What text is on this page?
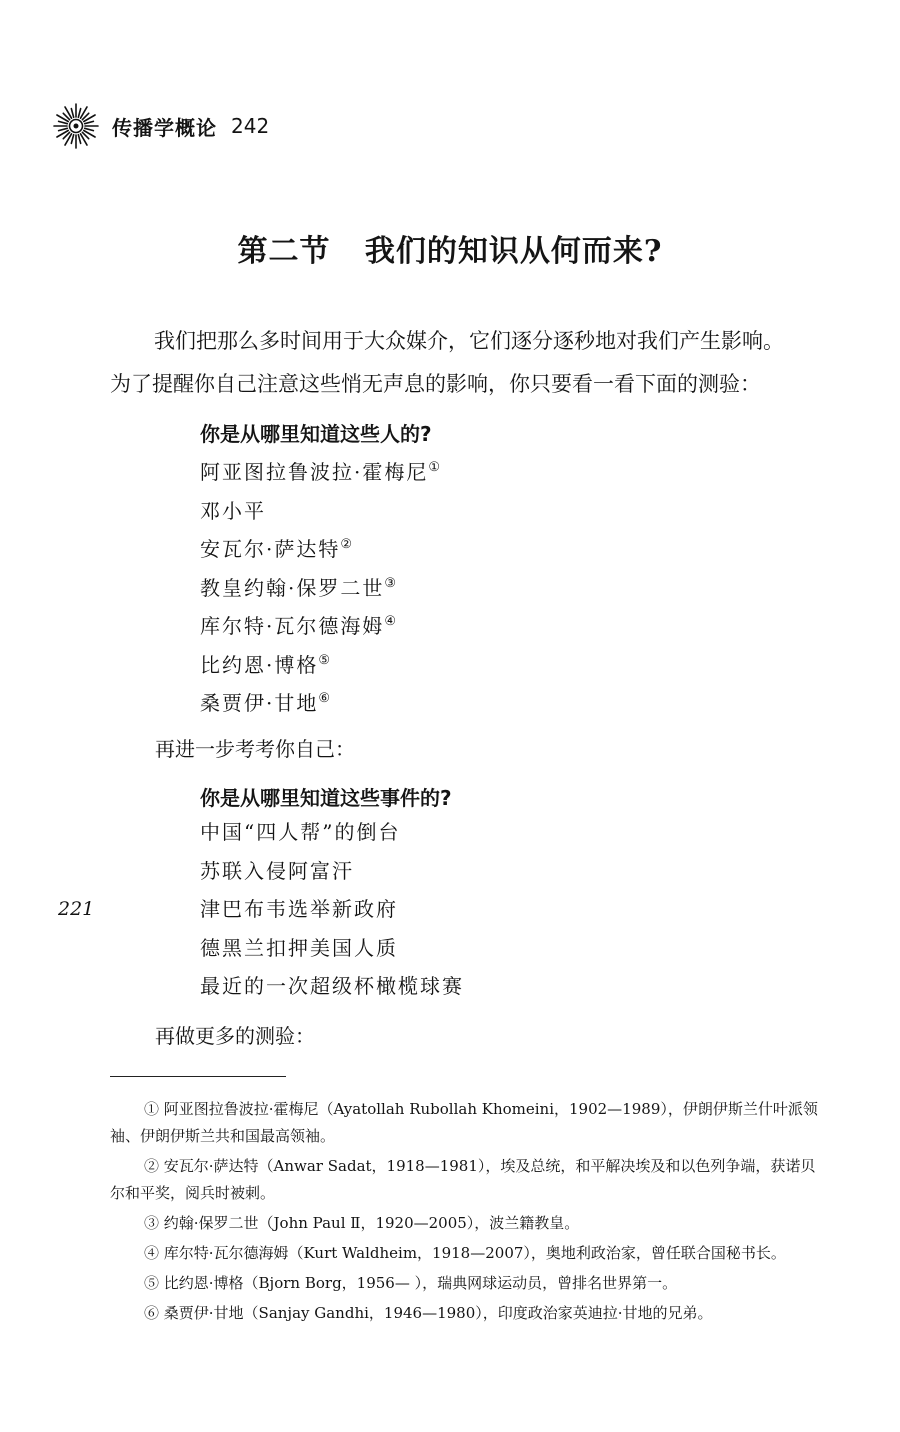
传播学概论 242
第二节   我们的知识从何而来?
我们把那么多时间用于大众媒介，它们逐分逐秒地对我们产生影响。
为了提醒你自己注意这些悄无声息的影响，你只要看一看下面的测验：
你是从哪里知道这些人的?
阿亚图拉鲁波拉·霍梅尼①
邓小平
安瓦尔·萨达特②
教皇约翰·保罗二世③
库尔特·瓦尔德海姆④
比约恩·博格⑤
桑贾伊·甘地⑥
再进一步考考你自己：
你是从哪里知道这些事件的?
中国“四人帮”的倒台
苏联入侵阿富汗
津巴布韦选举新政府
德黑兰扣押美国人质
最近的一次超级杯橄榄球赛
221
再做更多的测验：

① 阿亚图拉鲁波拉·霍梅尼（Ayatollah Rubollah Khomeini，1902—1989），伊朗伊斯兰什叶派领袖、伊朗伊斯兰共和国最高领袖。

② 安瓦尔·萨达特（Anwar Sadat，1918—1981），埃及总统，和平解决埃及和以色列争端，获诺贝尔和平奖，阅兵时被刺。

③ 约翰·保罗二世（John Paul Ⅱ，1920—2005），波兰籍教皇。

④ 库尔特·瓦尔德海姆（Kurt Waldheim，1918—2007），奥地利政治家，曾任联合国秘书长。

⑤ 比约恩·博格（Bjorn Borg，1956— ），瑞典网球运动员，曾排名世界第一。

⑥ 桑贾伊·甘地（Sanjay Gandhi，1946—1980），印度政治家英迪拉·甘地的兄弟。
